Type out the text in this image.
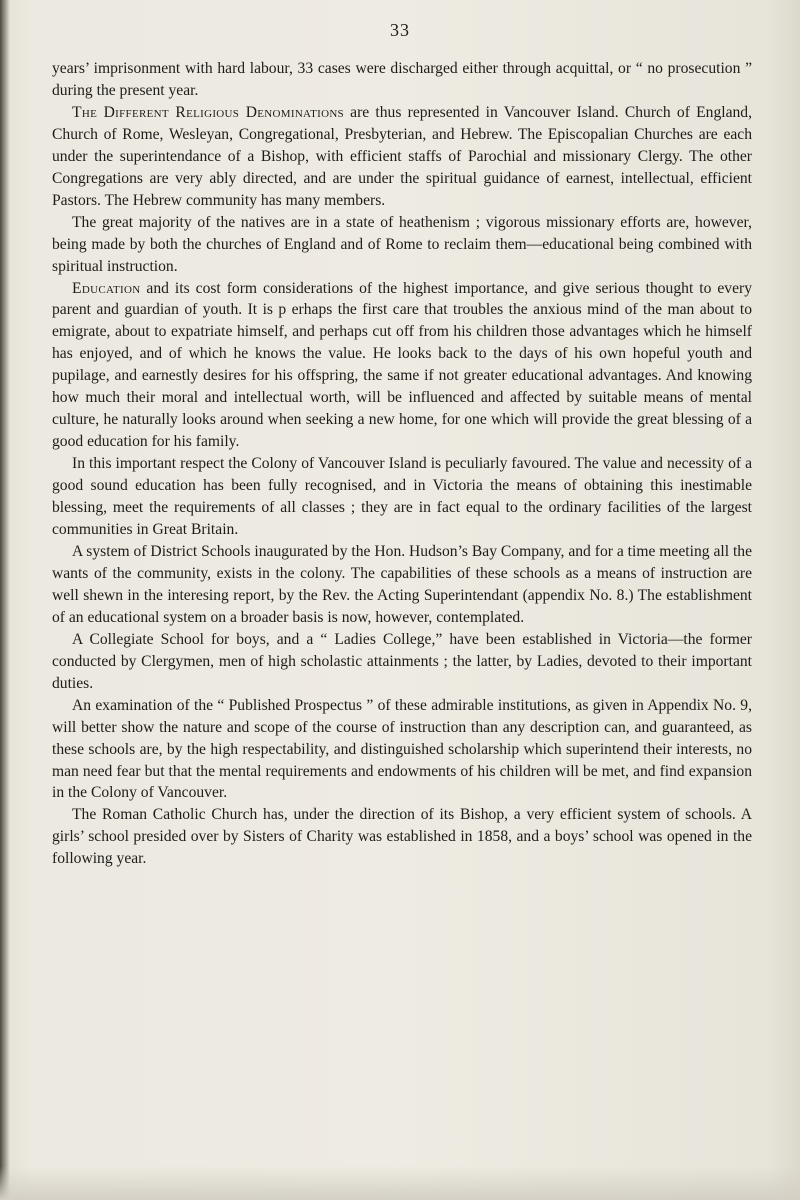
33

years’ imprisonment with hard labour, 33 cases were discharged either through acquittal, or “ no prosecution ” during the present year.

The Different Religious Denominations are thus represented in Vancouver Island. Church of England, Church of Rome, Wesleyan, Congregational, Presbyterian, and Hebrew. The Episcopalian Churches are each under the superintendance of a Bishop, with efficient staffs of Parochial and missionary Clergy. The other Congregations are very ably directed, and are under the spiritual guidance of earnest, intellectual, efficient Pastors. The Hebrew community has many members.

The great majority of the natives are in a state of heathenism ; vigorous missionary efforts are, however, being made by both the churches of England and of Rome to reclaim them—educational being combined with spiritual instruction.

Education and its cost form considerations of the highest importance, and give serious thought to every parent and guardian of youth. It is p erhaps the first care that troubles the anxious mind of the man about to emigrate, about to expatriate himself, and perhaps cut off from his children those advantages which he himself has enjoyed, and of which he knows the value. He looks back to the days of his own hopeful youth and pupilage, and earnestly desires for his offspring, the same if not greater educational advantages. And knowing how much their moral and intellectual worth, will be influenced and affected by suitable means of mental culture, he naturally looks around when seeking a new home, for one which will provide the great blessing of a good education for his family.

In this important respect the Colony of Vancouver Island is peculiarly favoured. The value and necessity of a good sound education has been fully recognised, and in Victoria the means of obtaining this inestimable blessing, meet the requirements of all classes ; they are in fact equal to the ordinary facilities of the largest communities in Great Britain.

A system of District Schools inaugurated by the Hon. Hudson’s Bay Company, and for a time meeting all the wants of the community, exists in the colony. The capabilities of these schools as a means of instruction are well shewn in the interesing report, by the Rev. the Acting Superintendant (appendix No. 8.) The establishment of an educational system on a broader basis is now, however, contemplated.

A Collegiate School for boys, and a “ Ladies College,” have been established in Victoria—the former conducted by Clergymen, men of high scholastic attainments ; the latter, by Ladies, devoted to their important duties.

An examination of the “ Published Prospectus ” of these admirable institutions, as given in Appendix No. 9, will better show the nature and scope of the course of instruction than any description can, and guaranteed, as these schools are, by the high respectability, and distinguished scholarship which superintend their interests, no man need fear but that the mental requirements and endowments of his children will be met, and find expansion in the Colony of Vancouver.

The Roman Catholic Church has, under the direction of its Bishop, a very efficient system of schools. A girls’ school presided over by Sisters of Charity was established in 1858, and a boys’ school was opened in the following year.
